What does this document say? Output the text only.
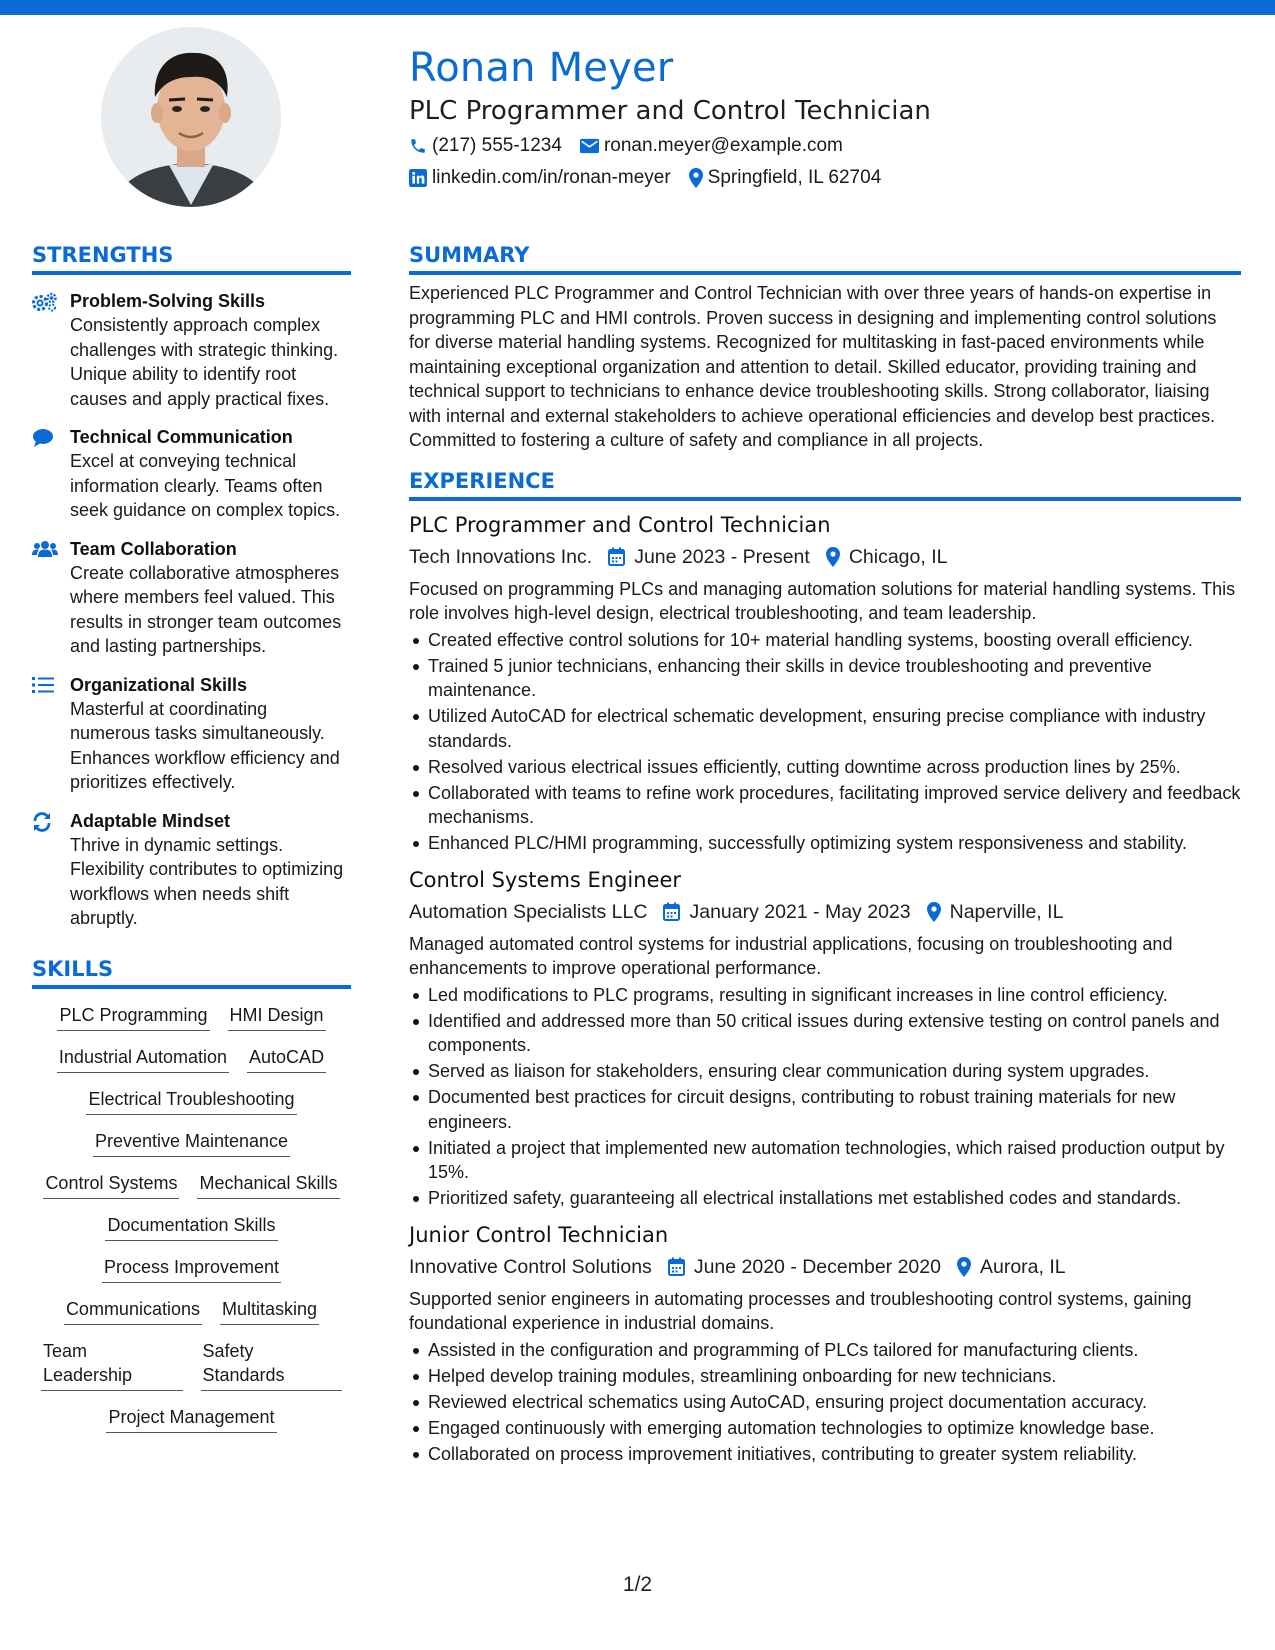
Ronan Meyer
PLC Programmer and Control Technician
(217) 555-1234 ronan.meyer@example.com
linkedin.com/in/ronan-meyer Springfield, IL 62704
STRENGTHS
Problem-Solving Skills
Consistently approach complex challenges with strategic thinking. Unique ability to identify root causes and apply practical fixes.
Technical Communication
Excel at conveying technical information clearly. Teams often seek guidance on complex topics.
Team Collaboration
Create collaborative atmospheres where members feel valued. This results in stronger team outcomes and lasting partnerships.
Organizational Skills
Masterful at coordinating numerous tasks simultaneously. Enhances workflow efficiency and prioritizes effectively.
Adaptable Mindset
Thrive in dynamic settings. Flexibility contributes to optimizing workflows when needs shift abruptly.
SKILLS
PLC Programming HMI Design
Industrial Automation AutoCAD
Electrical Troubleshooting
Preventive Maintenance
Control Systems Mechanical Skills
Documentation Skills
Process Improvement
Communications Multitasking
Team Leadership
Safety Standards
Project Management
SUMMARY
Experienced PLC Programmer and Control Technician with over three years of hands-on expertise in programming PLC and HMI controls. Proven success in designing and implementing control solutions for diverse material handling systems. Recognized for multitasking in fast-paced environments while maintaining exceptional organization and attention to detail. Skilled educator, providing training and technical support to technicians to enhance device troubleshooting skills. Strong collaborator, liaising with internal and external stakeholders to achieve operational efficiencies and develop best practices. Committed to fostering a culture of safety and compliance in all projects.
EXPERIENCE
PLC Programmer and Control Technician
Tech Innovations Inc. June 2023 - Present Chicago, IL
Focused on programming PLCs and managing automation solutions for material handling systems. This role involves high-level design, electrical troubleshooting, and team leadership.
Created effective control solutions for 10+ material handling systems, boosting overall efficiency.
Trained 5 junior technicians, enhancing their skills in device troubleshooting and preventive maintenance.
Utilized AutoCAD for electrical schematic development, ensuring precise compliance with industry standards.
Resolved various electrical issues efficiently, cutting downtime across production lines by 25%.
Collaborated with teams to refine work procedures, facilitating improved service delivery and feedback mechanisms.
Enhanced PLC/HMI programming, successfully optimizing system responsiveness and stability.
Control Systems Engineer
Automation Specialists LLC January 2021 - May 2023 Naperville, IL
Managed automated control systems for industrial applications, focusing on troubleshooting and enhancements to improve operational performance.
Led modifications to PLC programs, resulting in significant increases in line control efficiency.
Identified and addressed more than 50 critical issues during extensive testing on control panels and components.
Served as liaison for stakeholders, ensuring clear communication during system upgrades.
Documented best practices for circuit designs, contributing to robust training materials for new engineers.
Initiated a project that implemented new automation technologies, which raised production output by 15%.
Prioritized safety, guaranteeing all electrical installations met established codes and standards.
Junior Control Technician
Innovative Control Solutions June 2020 - December 2020 Aurora, IL
Supported senior engineers in automating processes and troubleshooting control systems, gaining foundational experience in industrial domains.
Assisted in the configuration and programming of PLCs tailored for manufacturing clients.
Helped develop training modules, streamlining onboarding for new technicians.
Reviewed electrical schematics using AutoCAD, ensuring project documentation accuracy.
Engaged continuously with emerging automation technologies to optimize knowledge base.
Collaborated on process improvement initiatives, contributing to greater system reliability.
1/2
